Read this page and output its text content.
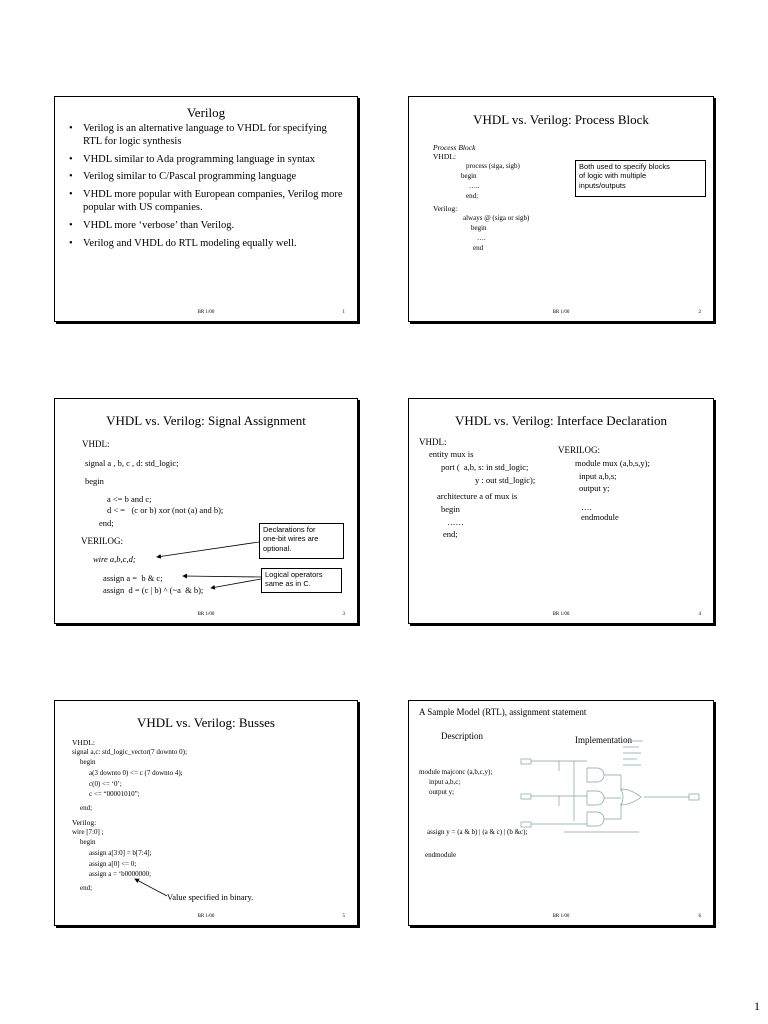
Verilog
• Verilog is an alternative language to VHDL for specifying RTL for logic synthesis
• VHDL similar to Ada programming language in syntax
• Verilog similar to C/Pascal programming language
• VHDL more popular with European companies, Verilog more popular with US companies.
• VHDL more ‘verbose’ than Verilog.
• Verilog and VHDL do RTL modeling equally well.
BR 1/00	1
VHDL vs. Verilog: Process Block
Process Block
VHDL:
process (siga, sigb)
begin
…..
end;
Verilog:
always @ (siga or sigb)
begin
….
end
Both used to specify blocks
of logic with multiple
inputs/outputs
BR 1/00	2
VHDL vs. Verilog: Signal Assignment
VHDL:
signal a , b, c , d: std_logic;
begin
a <= b and c;
d < =   (c or b) xor (not (a) and b);
end;
VERILOG:
wire a,b,c,d;
assign a =  b & c;
assign  d = (c | b) ^ (~a  & b);
Declarations for
one-bit wires are
optional.
Logical operators
same as in C.
BR 1/00	3
VHDL vs. Verilog: Interface Declaration
VHDL:
entity mux is
port (  a,b, s: in std_logic;
y : out std_logic);
architecture a of mux is
begin
……
end;
VERILOG:
module mux (a,b,s,y);
input a,b,s;
output y;
….
endmodule
BR 1/00	4
VHDL vs. Verilog: Busses
VHDL:
signal a,c: std_logic_vector(7 downto 0);
begin
a(3 downto 0) <= c (7 downto 4);
c(0) <= ‘0’;
c <= “00001010”;
end;
Verilog:
wire [7:0] ;
begin
assign a[3:0] = b[7:4];
assign a[0] <= 0;
assign a = ‘b0000000;
end;
Value specified in binary.
BR 1/00	5
A Sample Model (RTL), assignment statement
Description	Implementation
module majconc (a,b,c,y);
input a,b,c;
output y;
assign y = (a & b) | (a & c) | (b &c);
endmodule
BR 1/00	6
1
